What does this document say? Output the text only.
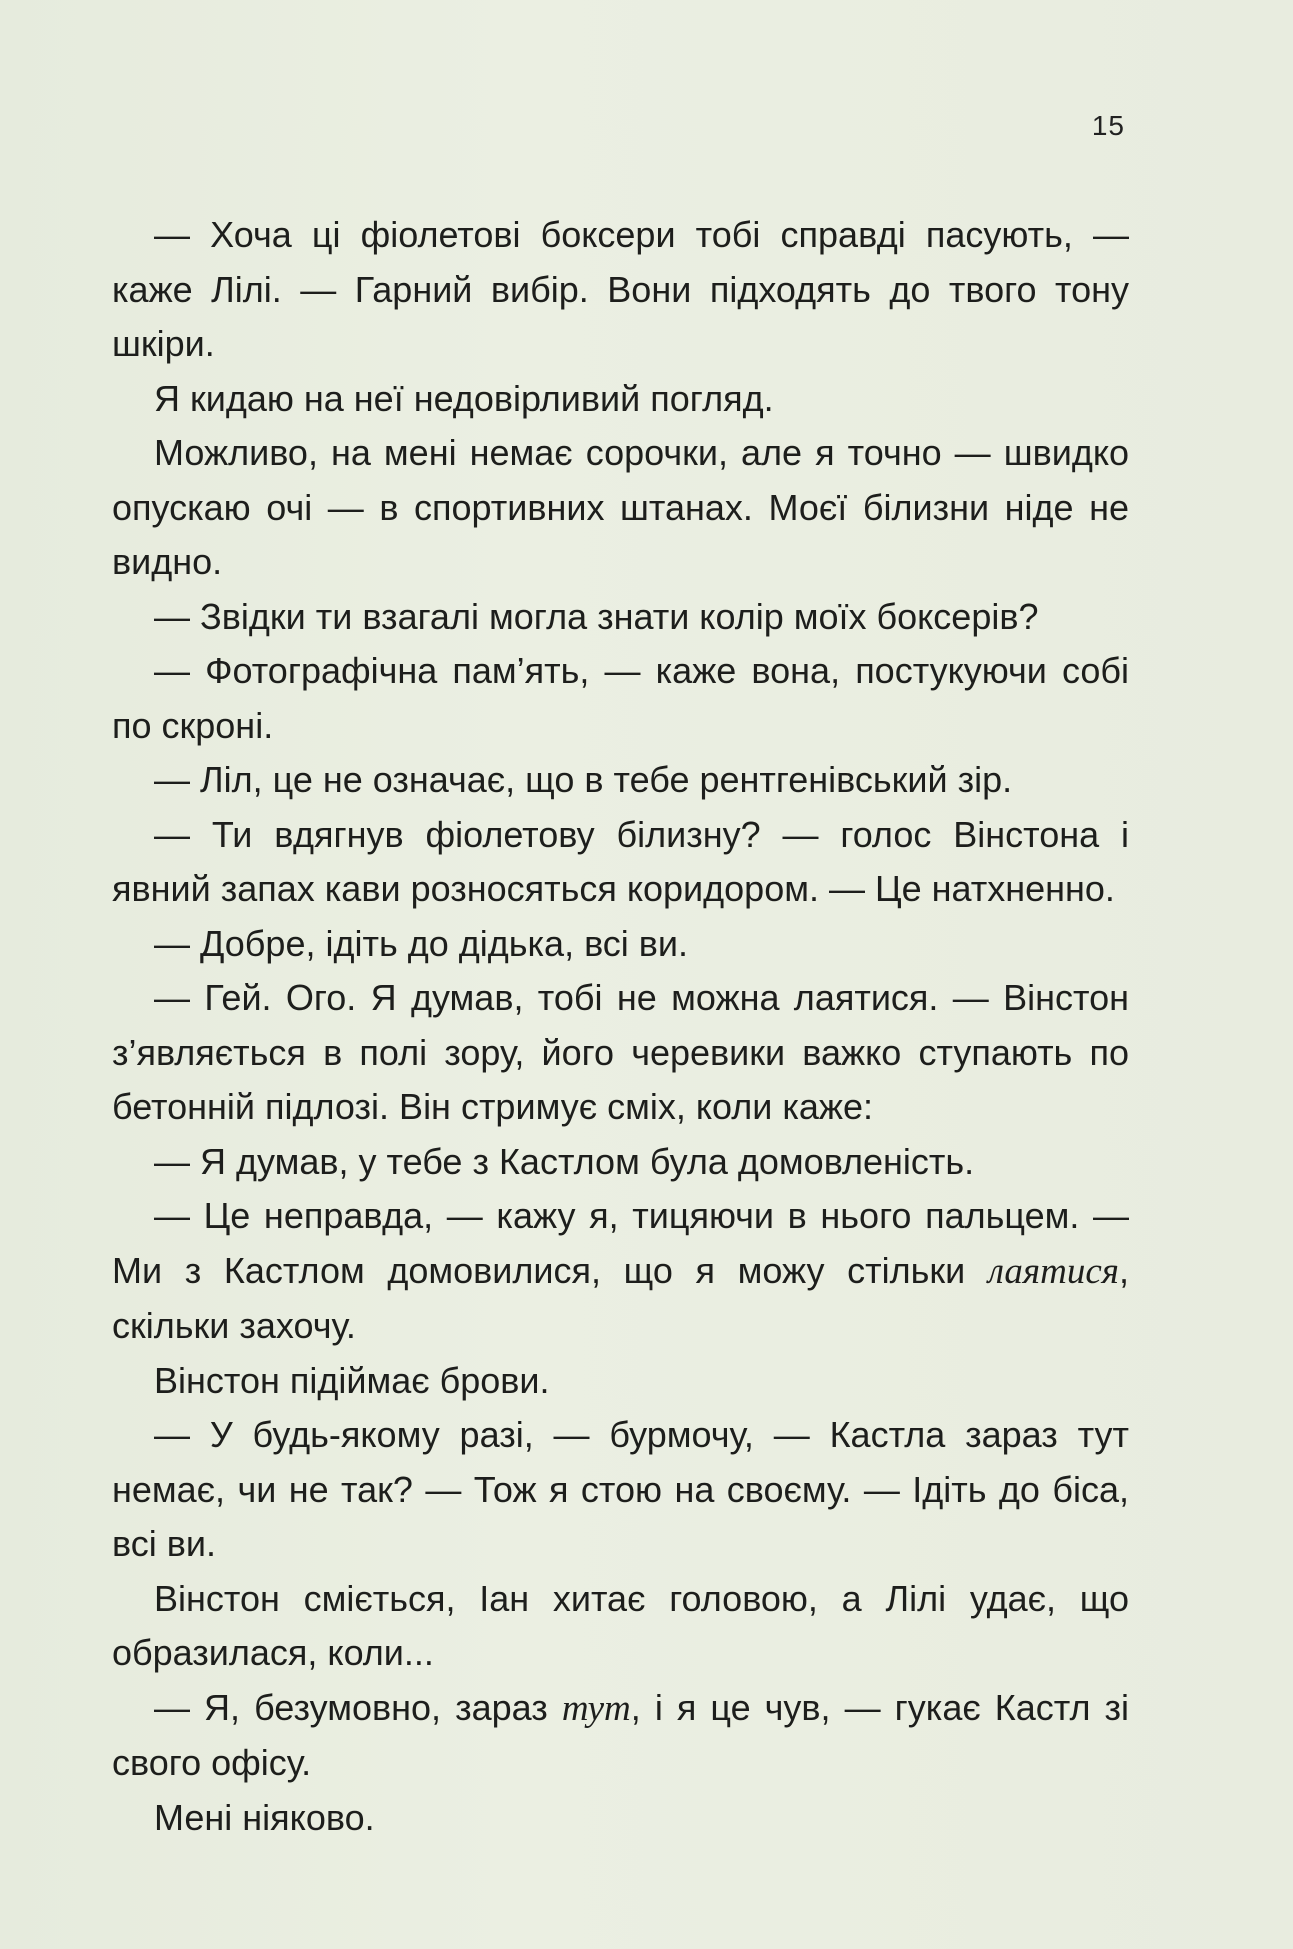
15

— Хоча ці фіолетові боксери тобі справді пасують, — каже Лілі. — Гарний вибір. Вони підходять до твого тону шкіри.

Я кидаю на неї недовірливий погляд.

Можливо, на мені немає сорочки, але я точно — швидко опускаю очі — в спортивних штанах. Моєї білизни ніде не видно.

— Звідки ти взагалі могла знати колір моїх боксерів?

— Фотографічна пам’ять, — каже вона, постукуючи собі по скроні.

— Ліл, це не означає, що в тебе рентгенівський зір.

— Ти вдягнув фіолетову білизну? — голос Вінстона і явний запах кави розносяться коридором. — Це натхненно.

— Добре, ідіть до дідька, всі ви.

— Гей. Ого. Я думав, тобі не можна лаятися. — Вінстон з’являється в полі зору, його черевики важко ступають по бетонній підлозі. Він стримує сміх, коли каже:

— Я думав, у тебе з Кастлом була домовленість.

— Це неправда, — кажу я, тицяючи в нього пальцем. — Ми з Кастлом домовилися, що я можу стільки лаятися, скільки захочу.

Вінстон підіймає брови.

— У будь-якому разі, — бурмочу, — Кастла зараз тут немає, чи не так? — Тож я стою на своєму. — Ідіть до біса, всі ви.

Вінстон сміється, Іан хитає головою, а Лілі удає, що образилася, коли...

— Я, безумовно, зараз тут, і я це чув, — гукає Кастл зі свого офісу.

Мені ніяково.
